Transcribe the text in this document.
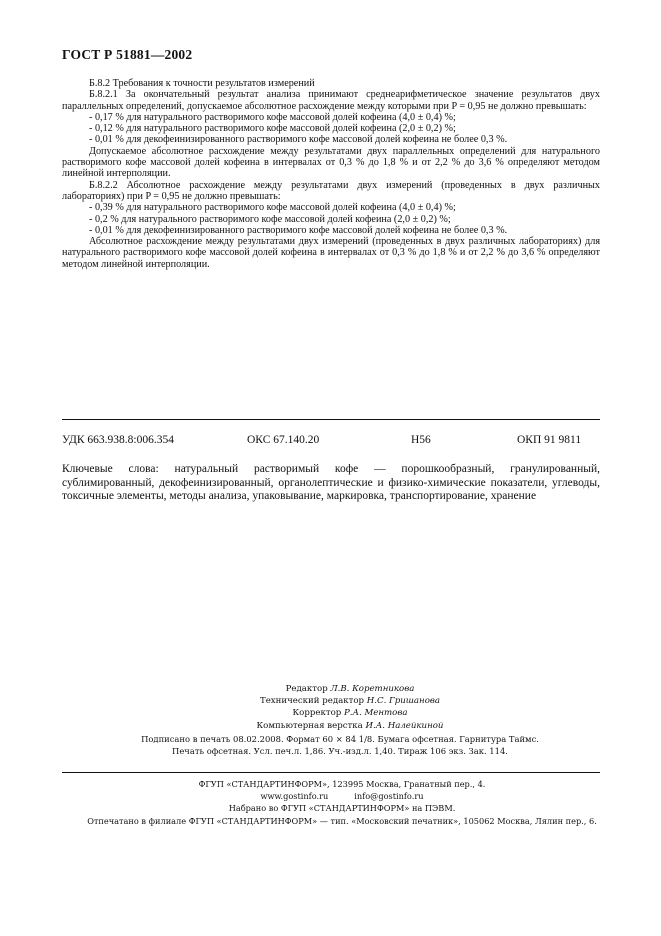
ГОСТ Р 51881—2002

Б.8.2 Требования к точности результатов измерений

Б.8.2.1 За окончательный результат анализа принимают среднеарифметическое значение результатов двух параллельных определений, допускаемое абсолютное расхождение между которыми при P = 0,95 не должно превышать:

- 0,17 % для натурального растворимого кофе массовой долей кофеина (4,0 ± 0,4) %;

- 0,12 % для натурального растворимого кофе массовой долей кофеина (2,0 ± 0,2) %;

- 0,01 % для декофеинизированного растворимого кофе массовой долей кофеина не более 0,3 %.

Допускаемое абсолютное расхождение между результатами двух параллельных определений для натурального растворимого кофе массовой долей кофеина в интервалах от 0,3 % до 1,8 % и от 2,2 % до 3,6 % определяют методом линейной интерполяции.

Б.8.2.2 Абсолютное расхождение между результатами двух измерений (проведенных в двух различных лабораториях) при P = 0,95 не должно превышать:

- 0,39 % для натурального растворимого кофе массовой долей кофеина (4,0 ± 0,4) %;

- 0,2 % для натурального растворимого кофе массовой долей кофеина (2,0 ± 0,2) %;

- 0,01 % для декофеинизированного растворимого кофе массовой долей кофеина не более 0,3 %.

Абсолютное расхождение между результатами двух измерений (проведенных в двух различных лабораториях) для натурального растворимого кофе массовой долей кофеина в интервалах от 0,3 % до 1,8 % и от 2,2 % до 3,6 % определяют методом линейной интерполяции.

УДК 663.938.8:006.354	ОКС 67.140.20	Н56	ОКП 91 9811
Ключевые слова: натуральный растворимый кофе — порошкообразный, гранулированный, сублимированный, декофеинизированный, органолептические и физико-химические показатели, углеводы, токсичные элементы, методы анализа, упаковывание, маркировка, транспортирование, хранение
Редактор Л.В. Коретникова
Технический редактор Н.С. Гришанова
Корректор Р.А. Ментова
Компьютерная верстка И.А. Налейкиной
Подписано в печать 08.02.2008. Формат 60 × 84 1/8. Бумага офсетная. Гарнитура Таймс.
Печать офсетная. Усл. печ.л. 1,86. Уч.-изд.л. 1,40. Тираж 106 экз. Зак. 114.
ФГУП «СТАНДАРТИНФОРМ», 123995 Москва, Гранатный пер., 4.
www.gostinfo.ru          info@gostinfo.ru
Набрано во ФГУП «СТАНДАРТИНФОРМ» на ПЭВМ.
Отпечатано в филиале ФГУП «СТАНДАРТИНФОРМ» — тип. «Московский печатник», 105062 Москва, Лялин пер., 6.
